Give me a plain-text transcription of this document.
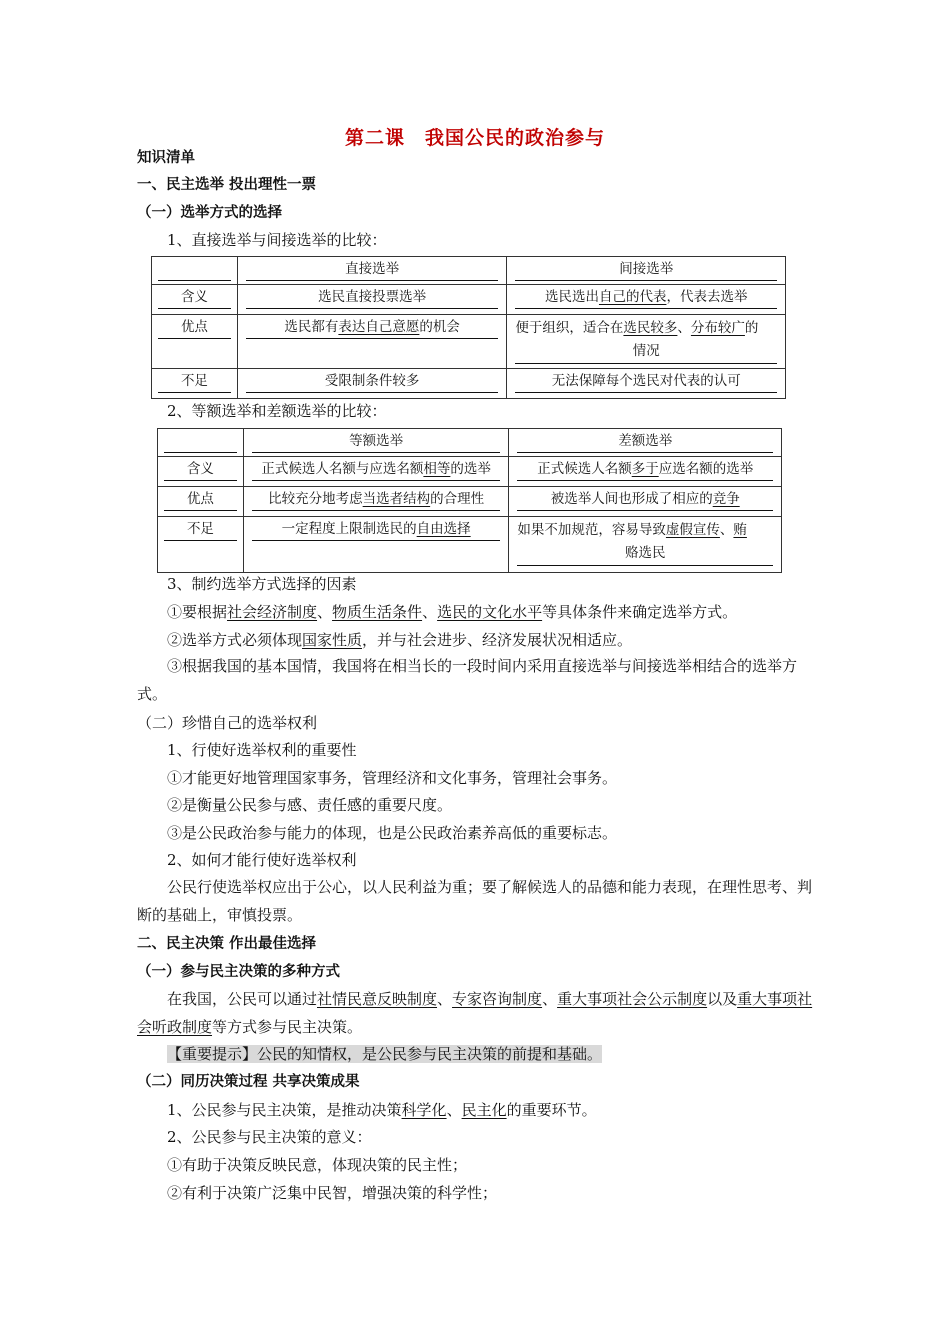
第二课　我国公民的政治参与
知识清单
一、民主选举 投出理性一票
（一）选举方式的选择
1、直接选举与间接选举的比较：

	直接选举	间接选举

含义	选民直接投票选举	选民选出自己的代表，代表去选举

优点	选民都有表达自己意愿的机会	便于组织，适合在选民较多、分布较广的
情况

不足	受限制条件较多	无法保障每个选民对代表的认可
2、等额选举和差额选举的比较：

	等额选举	差额选举

含义	正式候选人名额与应选名额相等的选举	正式候选人名额多于应选名额的选举

优点	比较充分地考虑当选者结构的合理性	被选举人间也形成了相应的竞争

不足	一定程度上限制选民的自由选择	如果不加规范，容易导致虚假宣传、贿
赂选民
3、制约选举方式选择的因素
①要根据社会经济制度、物质生活条件、选民的文化水平等具体条件来确定选举方式。
②选举方式必须体现国家性质，并与社会进步、经济发展状况相适应。
③根据我国的基本国情，我国将在相当长的一段时间内采用直接选举与间接选举相结合的选举方式。
（二）珍惜自己的选举权利
1、行使好选举权利的重要性
①才能更好地管理国家事务，管理经济和文化事务，管理社会事务。
②是衡量公民参与感、责任感的重要尺度。
③是公民政治参与能力的体现，也是公民政治素养高低的重要标志。
2、如何才能行使好选举权利
公民行使选举权应出于公心，以人民利益为重；要了解候选人的品德和能力表现，在理性思考、判断的基础上，审慎投票。
二、民主决策 作出最佳选择
（一）参与民主决策的多种方式
在我国，公民可以通过社情民意反映制度、专家咨询制度、重大事项社会公示制度以及重大事项社会听政制度等方式参与民主决策。
【重要提示】公民的知情权，是公民参与民主决策的前提和基础。
（二）同历决策过程 共享决策成果
1、公民参与民主决策，是推动决策科学化、民主化的重要环节。
2、公民参与民主决策的意义：
①有助于决策反映民意，体现决策的民主性；
②有利于决策广泛集中民智，增强决策的科学性；
